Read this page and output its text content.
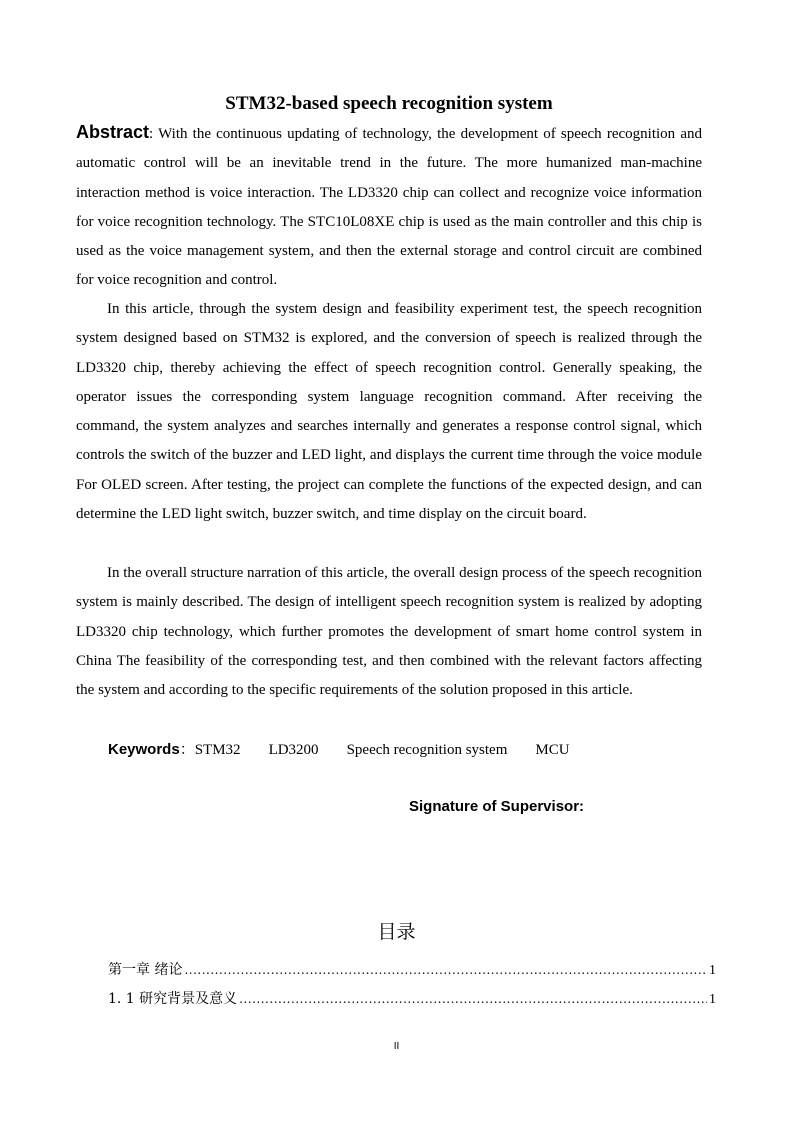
STM32-based speech recognition system
Abstract: With the continuous updating of technology, the development of speech recognition and automatic control will be an inevitable trend in the future. The more humanized man-machine interaction method is voice interaction. The LD3320 chip can collect and recognize voice information for voice recognition technology. The STC10L08XE chip is used as the main controller and this chip is used as the voice management system, and then the external storage and control circuit are combined for voice recognition and control.
In this article, through the system design and feasibility experiment test, the speech recognition system designed based on STM32 is explored, and the conversion of speech is realized through the LD3320 chip, thereby achieving the effect of speech recognition control. Generally speaking, the operator issues the corresponding system language recognition command. After receiving the command, the system analyzes and searches internally and generates a response control signal, which controls the switch of the buzzer and LED light, and displays the current time through the voice module For OLED screen. After testing, the project can complete the functions of the expected design, and can determine the LED light switch, buzzer switch, and time display on the circuit board.
In the overall structure narration of this article, the overall design process of the speech recognition system is mainly described. The design of intelligent speech recognition system is realized by adopting LD3320 chip technology, which further promotes the development of smart home control system in China The feasibility of the corresponding test, and then combined with the relevant factors affecting the system and according to the specific requirements of the solution proposed in this article.
Keywords：STM32 LD3200 Speech recognition system MCU
Signature of Supervisor:
目录
第一章 绪论 .....	1
1. 1 研究背景及意义 .....	1
II
